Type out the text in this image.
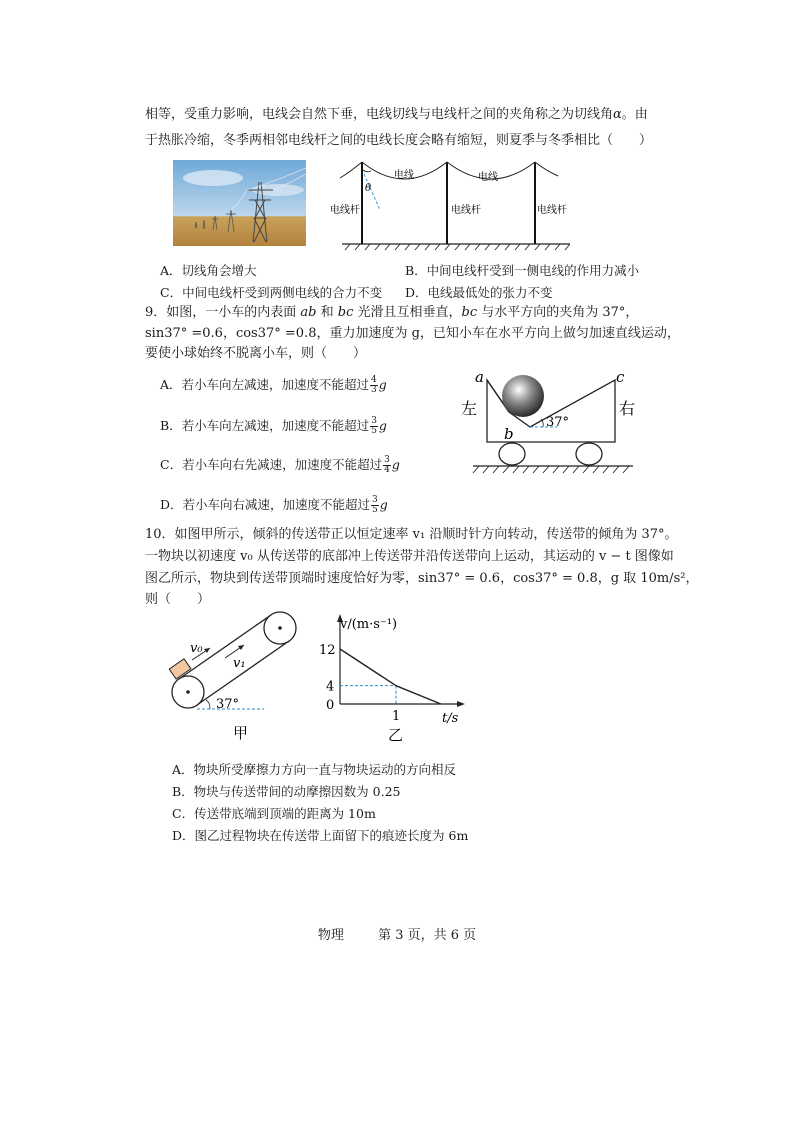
相等，受重力影响，电线会自然下垂，电线切线与电线杆之间的夹角称之为切线角α。由
于热胀冷缩，冬季两相邻电线杆之间的电线长度会略有缩短，则夏季与冬季相比（　　）
θ
电线	电线
电线杆	电线杆	电线杆
A．切线角会增大	B．中间电线杆受到一侧电线的作用力减小
C．中间电线杆受到两侧电线的合力不变 D．电线最低处的张力不变
9．如图，一小车的内表面 ab 和 bc 光滑且互相垂直，bc 与水平方向的夹角为 37°，
sin37° =0.6，cos37° =0.8，重力加速度为 g，已知小车在水平方向上做匀加速直线运动，
要使小球始终不脱离小车，则（　　）
A．若小车向左减速，加速度不能超过 $\frac{4}{3}$ g
B．若小车向左减速，加速度不能超过 $\frac{3}{5}$ g
C．若小车向右先减速，加速度不能超过 $\frac{3}{4}$ g
D．若小车向右减速，加速度不能超过 $\frac{3}{5}$ g
37°
a	c
b
左	右
10．如图甲所示，倾斜的传送带正以恒定速率 v₁ 沿顺时针方向转动，传送带的倾角为 37°。
一物块以初速度 v₀ 从传送带的底部冲上传送带并沿传送带向上运动，其运动的 v − t 图像如
图乙所示，物块到传送带顶端时速度恰好为零，sin37° = 0.6，cos37° = 0.8，g 取 10m/s²，
则（　　）
v₀
v₁
37°
甲
v/(m·s⁻¹)
t/s
12
4
0
1
乙
A．物块所受摩擦力方向一直与物块运动的方向相反
B．物块与传送带间的动摩擦因数为 0.25
C．传送带底端到顶端的距离为 10m
D．图乙过程物块在传送带上面留下的痕迹长度为 6m
物理	第 3 页，共 6 页
